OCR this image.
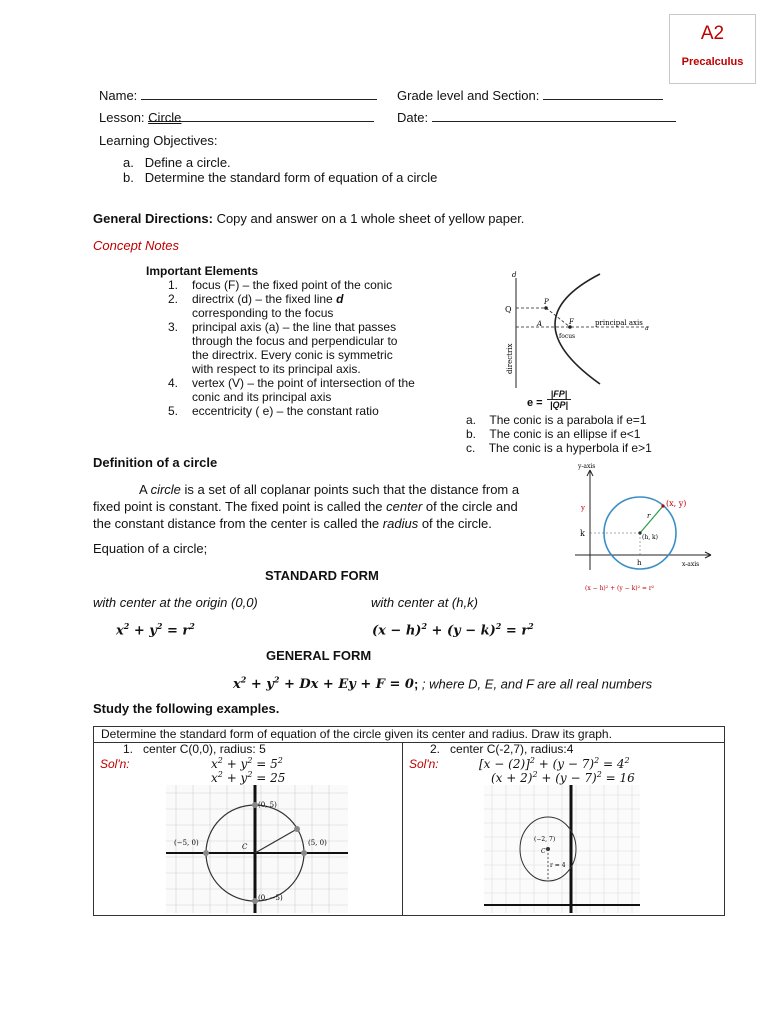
A2
Precalculus
Name:	Grade level and Section:
Lesson: Circle	Date:
Learning Objectives:
a. Define a circle.
b. Determine the standard form of equation of a circle
General Directions: Copy and answer on a 1 whole sheet of yellow paper.
Concept Notes
Important Elements
1. focus (F) – the fixed point of the conic
2. directrix (d) – the fixed line d corresponding to the focus
3. principal axis (a) – the line that passes through the focus and perpendicular to the directrix. Every conic is symmetric with respect to its principal axis.
4. vertex (V) – the point of intersection of the conic and its principal axis
5. eccentricity ( e) – the constant ratio
d
Q
P
A	F
focus
principal axis
a
directrix
$e = \frac{|FP|}{|QP|}$
a. The conic is a parabola if e=1
b. The conic is an ellipse if e<1
c. The conic is a hyperbola if e>1
Definition of a circle
A circle is a set of all coplanar points such that the distance from a
fixed point is constant. The fixed point is called the center of the circle and
the constant distance from the center is called the radius of the circle.
Equation of a circle;
y-axis
x-axis
(x, y)
y
k
r
(h, k)
h
(x − h)² + (y − k)² = r²
STANDARD FORM
with center at the origin (0,0)	with center at (h,k)
$x^2 + y^2 = r^2$	$(x - h)^2 + (y - k)^2 = r^2$
GENERAL FORM
$x^2 + y^2 + Dx + Ey + F = 0$; ; where D, E, and F are all real numbers
Study the following examples.
Determine the standard form of equation of the circle given its center and radius. Draw its graph.
1. center C(0,0), radius: 5
Sol'n:	$x^2 + y^2 = 5^2$
$x^2 + y^2 = 25$
(0, 5)
(−5, 0)	(5, 0)
(0, −5)
C
2. center C(-2,7), radius:4
Sol'n:	$[x - (2)]^2 + (y - 7)^2 = 4^2$
$(x + 2)^2 + (y - 7)^2 = 16$
(−2, 7)
C
r = 4
